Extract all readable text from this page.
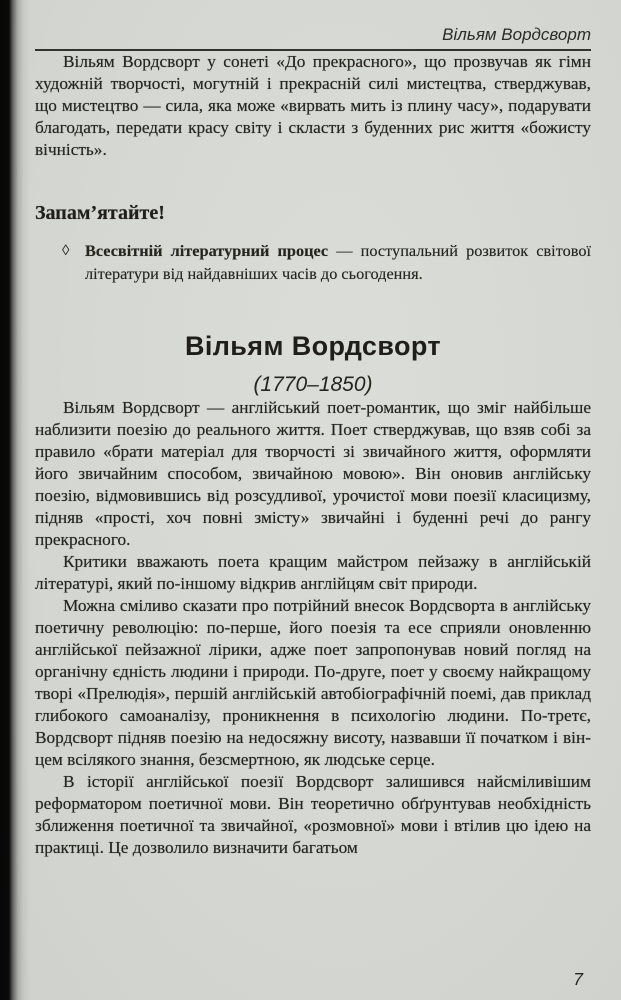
Вільям Вордсворт

Вільям Вордсворт у сонеті «До прекрасного», що прозвучав як гімн художній творчості, могутній і прекрасній силі мистецтва, стверджував, що мистецтво — сила, яка може «вирвать мить із плину часу», подарувати благодать, передати красу світу і скласти з буденних рис життя «божисту вічність».

Запам’ятайте!
◊ Всесвітній літературний процес — поступальний розвиток світової літератури від найдавніших часів до сьогодення.

Вільям Вордсворт
(1770–1850)

Вільям Вордсворт — англійський поет-романтик, що зміг найбільше наблизити поезію до реального життя. Поет стверджував, що взяв собі за правило «брати матеріал для творчості зі звичайного життя, оформляти його звичайним способом, звичайною мовою». Він оновив англійську поезію, відмовившись від розсудливої, урочистої мови поезії класицизму, підняв «прості, хоч повні змісту» звичайні і буденні речі до рангу прекрасного.

Критики вважають поета кращим майстром пейзажу в англійській літературі, який по-іншому відкрив англійцям світ природи.

Можна сміливо сказати про потрійний внесок Вордсворта в англійську поетичну революцію: по-перше, його поезія та есе сприяли оновленню англійської пейзажної лірики, адже поет запропонував новий погляд на органічну єдність людини і природи. По-друге, поет у своєму найкращому творі «Прелюдія», першій англійській автобіографічній поемі, дав приклад глибокого самоаналізу, проникнення в психологію людини. По-третє, Вордсворт підняв поезію на недосяжну висоту, назвавши її початком і вінцем всілякого знання, безсмертною, як людське серце.

В історії англійської поезії Вордсворт залишився найсміливішим реформатором поетичної мови. Він теоретично обґрунтував необхідність зближення поетичної та звичайної, «розмовної» мови і втілив цю ідею на практиці. Це дозволило визначити багатьом

7
